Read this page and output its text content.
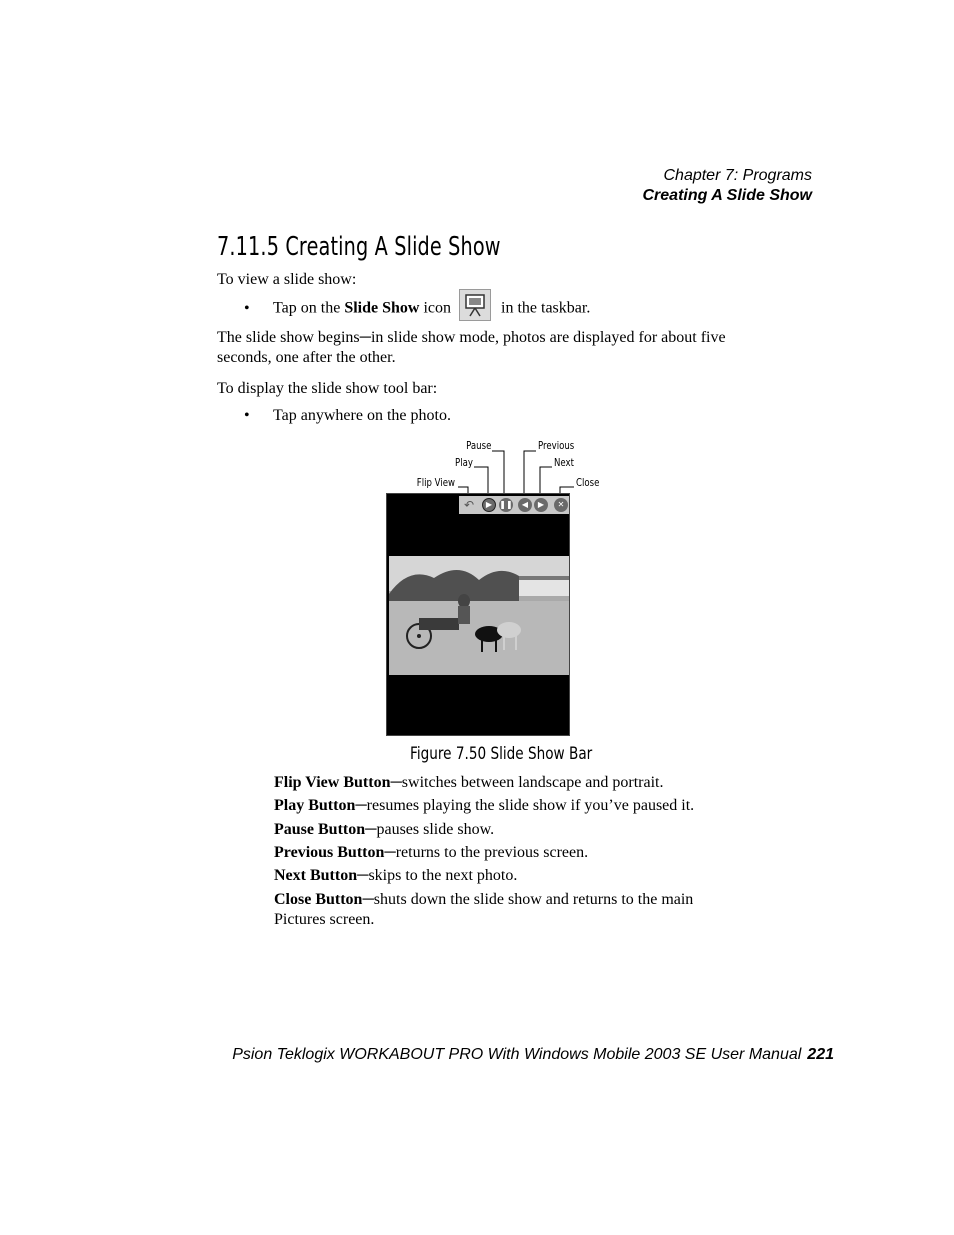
Chapter 7: Programs
Creating A Slide Show
7.11.5 Creating A Slide Show

To view a slide show:

• Tap on the Slide Show icon	in the taskbar.

The slide show begins─in slide show mode, photos are displayed for about five seconds, one after the other.

To display the slide show tool bar:

• Tap anywhere on the photo.
Pause
Play
Flip View
Previous
Next
Close
↶	▶ ❚❚	◀	▶	✕
Figure 7.50 Slide Show Bar
Flip View Button─switches between landscape and portrait.
Play Button─resumes playing the slide show if you’ve paused it.
Pause Button─pauses slide show.
Previous Button─returns to the previous screen.
Next Button─skips to the next photo.
Close Button─shuts down the slide show and returns to the main Pictures screen.
Psion Teklogix WORKABOUT PRO With Windows Mobile 2003 SE User Manual 221
